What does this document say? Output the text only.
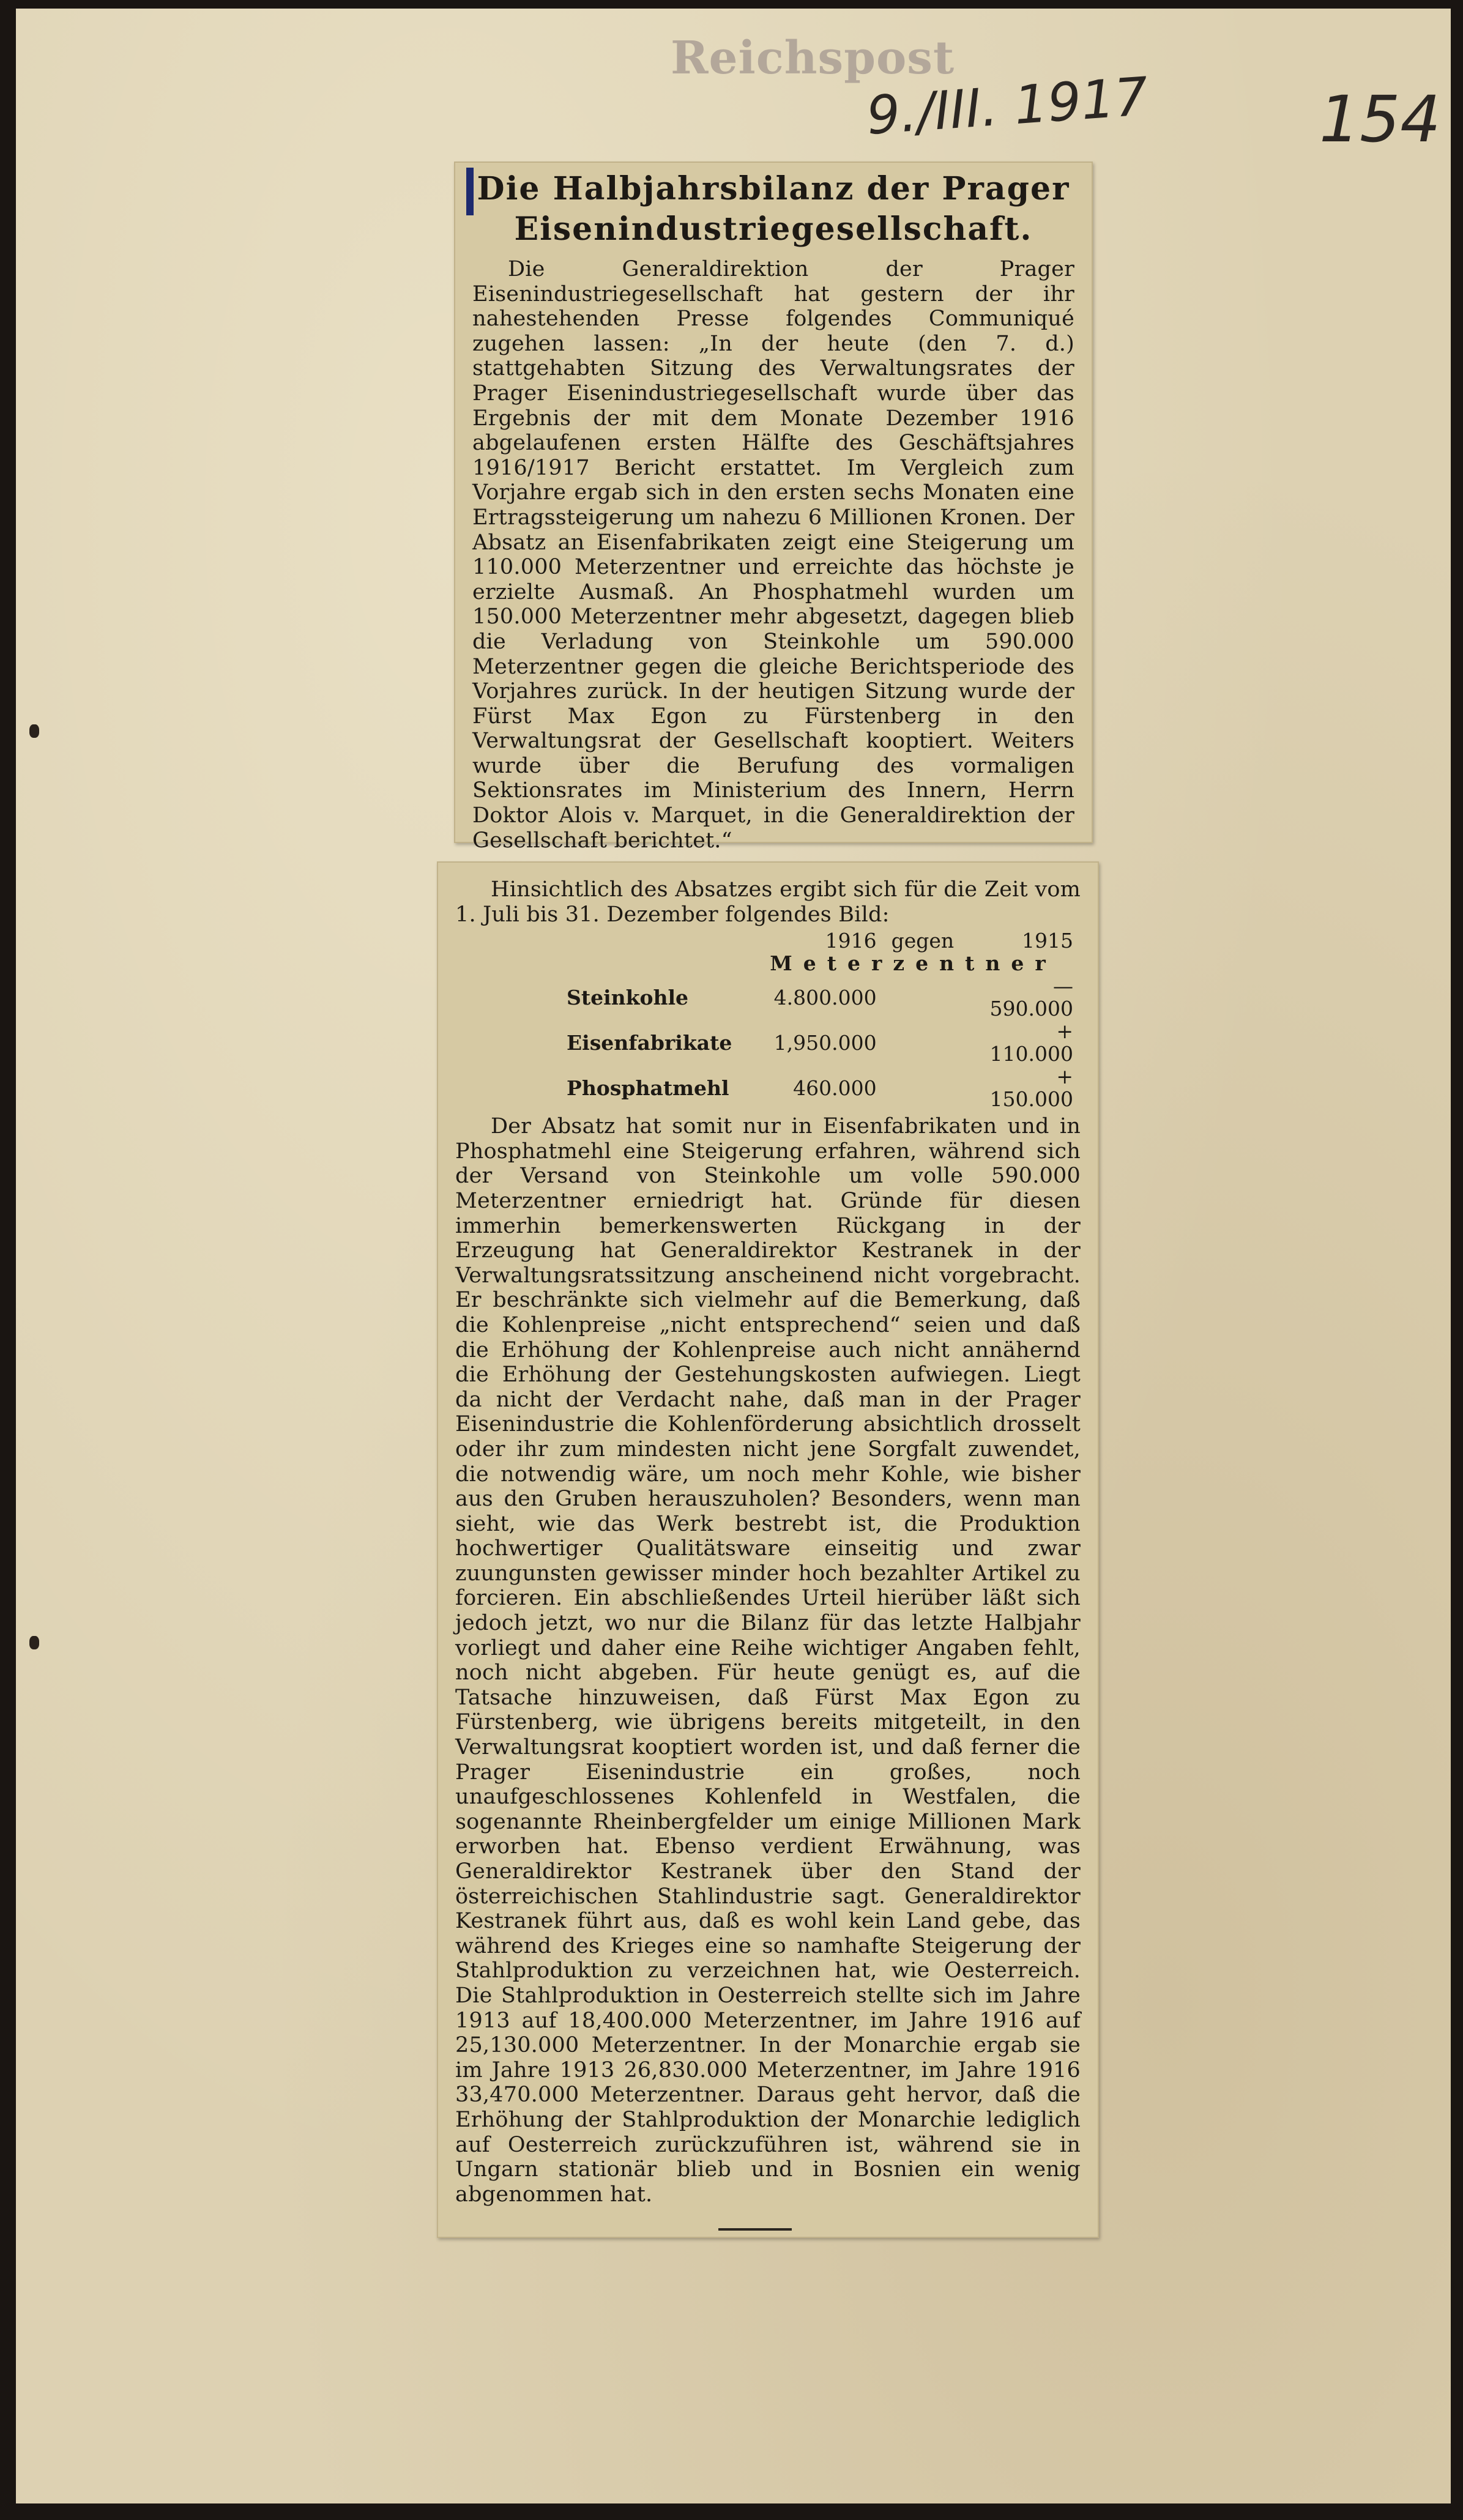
Reichspost
9./III. 1917	154
Die Halbjahrsbilanz der Prager
Eisenindustriegesellschaft.

Die Generaldirektion der Prager Eisenindustriegesellschaft hat gestern der ihr nahestehenden Presse folgendes Communiqué zugehen lassen: „In der heute (den 7. d.) stattgehabten Sitzung des Verwaltungsrates der Prager Eisenindustriegesellschaft wurde über das Ergebnis der mit dem Monate Dezember 1916 abgelaufenen ersten Hälfte des Geschäftsjahres 1916/1917 Bericht erstattet. Im Vergleich zum Vorjahre ergab sich in den ersten sechs Monaten eine Ertragssteigerung um nahezu 6 Millionen Kronen. Der Absatz an Eisenfabrikaten zeigt eine Steigerung um 110.000 Meterzentner und erreichte das höchste je erzielte Ausmaß. An Phosphatmehl wurden um 150.000 Meterzentner mehr abgesetzt, dagegen blieb die Verladung von Steinkohle um 590.000 Meterzentner gegen die gleiche Berichtsperiode des Vorjahres zurück. In der heutigen Sitzung wurde der Fürst Max Egon zu Fürstenberg in den Verwaltungsrat der Gesellschaft kooptiert. Weiters wurde über die Berufung des vormaligen Sektionsrates im Ministerium des Innern, Herrn Doktor Alois v. Marquet, in die Generaldirektion der Gesellschaft berichtet.“

Hinsichtlich des Absatzes ergibt sich für die Zeit vom 1. Juli bis 31. Dezember folgendes Bild:

	1916	gegen	1915
	Meterzentner		
Steinkohle	4.800.000		— 590.000
Eisenfabrikate	1,950.000		+ 110.000
Phosphatmehl	460.000		+ 150.000

Der Absatz hat somit nur in Eisenfabrikaten und in Phosphatmehl eine Steigerung erfahren, während sich der Versand von Steinkohle um volle 590.000 Meterzentner erniedrigt hat. Gründe für diesen immerhin bemerkenswerten Rückgang in der Erzeugung hat Generaldirektor Kestranek in der Verwaltungsratssitzung anscheinend nicht vorgebracht. Er beschränkte sich vielmehr auf die Bemerkung, daß die Kohlenpreise „nicht entsprechend“ seien und daß die Erhöhung der Kohlenpreise auch nicht annähernd die Erhöhung der Gestehungskosten aufwiegen. Liegt da nicht der Verdacht nahe, daß man in der Prager Eisenindustrie die Kohlenförderung absichtlich drosselt oder ihr zum mindesten nicht jene Sorgfalt zuwendet, die notwendig wäre, um noch mehr Kohle, wie bisher aus den Gruben herauszuholen? Besonders, wenn man sieht, wie das Werk bestrebt ist, die Produktion hochwertiger Qualitätsware einseitig und zwar zuungunsten gewisser minder hoch bezahlter Artikel zu forcieren. Ein abschließendes Urteil hierüber läßt sich jedoch jetzt, wo nur die Bilanz für das letzte Halbjahr vorliegt und daher eine Reihe wichtiger Angaben fehlt, noch nicht abgeben. Für heute genügt es, auf die Tatsache hinzuweisen, daß Fürst Max Egon zu Fürstenberg, wie übrigens bereits mitgeteilt, in den Verwaltungsrat kooptiert worden ist, und daß ferner die Prager Eisenindustrie ein großes, noch unaufgeschlossenes Kohlenfeld in Westfalen, die sogenannte Rheinbergfelder um einige Millionen Mark erworben hat. Ebenso verdient Erwähnung, was Generaldirektor Kestranek über den Stand der österreichischen Stahlindustrie sagt. Generaldirektor Kestranek führt aus, daß es wohl kein Land gebe, das während des Krieges eine so namhafte Steigerung der Stahlproduktion zu verzeichnen hat, wie Oesterreich. Die Stahlproduktion in Oesterreich stellte sich im Jahre 1913 auf 18,400.000 Meterzentner, im Jahre 1916 auf 25,130.000 Meterzentner. In der Monarchie ergab sie im Jahre 1913 26,830.000 Meterzentner, im Jahre 1916 33,470.000 Meterzentner. Daraus geht hervor, daß die Erhöhung der Stahlproduktion der Monarchie lediglich auf Oesterreich zurückzuführen ist, während sie in Ungarn stationär blieb und in Bosnien ein wenig abgenommen hat.
